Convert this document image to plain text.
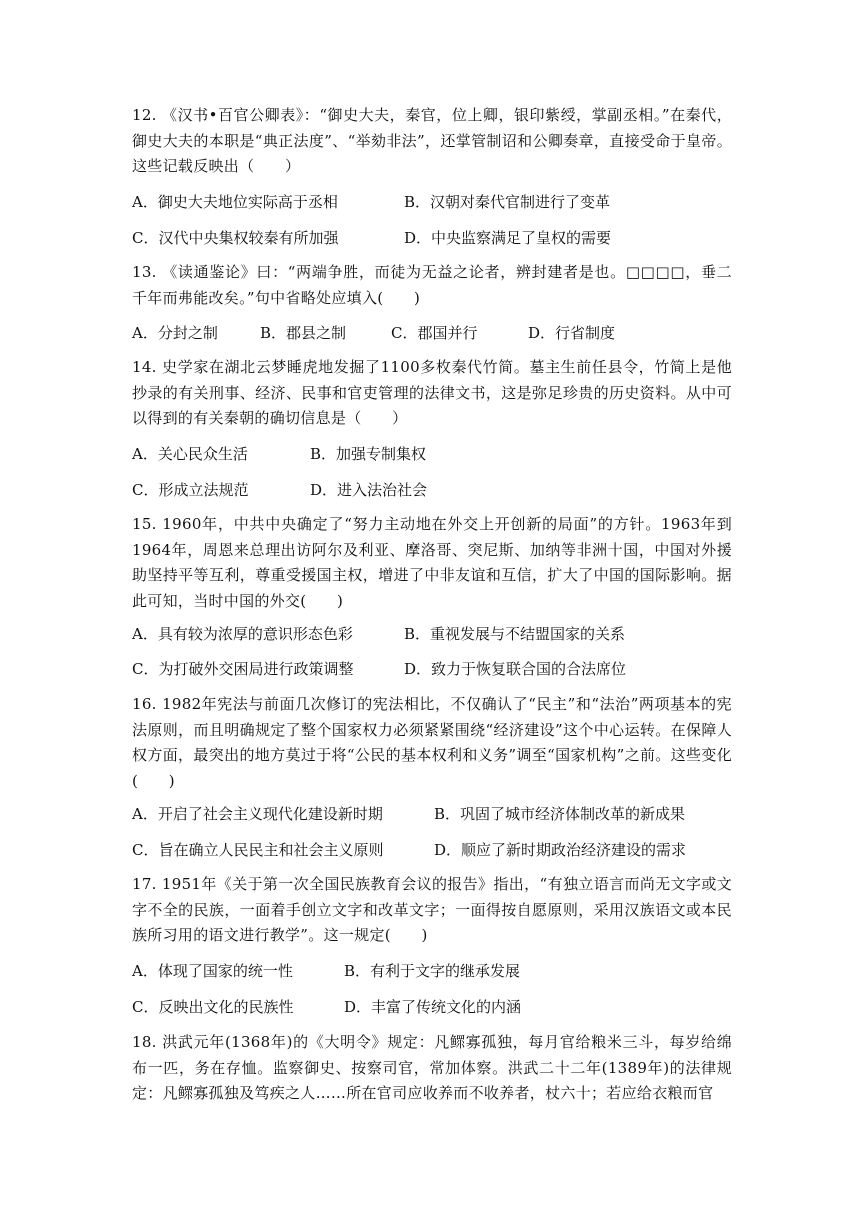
12. 《汉书•百官公卿表》：“御史大夫，秦官，位上卿，银印紫绶，掌副丞相。”在秦代，御史大夫的本职是“典正法度”、“举劾非法”，还掌管制诏和公卿奏章，直接受命于皇帝。这些记载反映出（　　）
A．御史大夫地位实际高于丞相	B．汉朝对秦代官制进行了变革
C．汉代中央集权较秦有所加强	D．中央监察满足了皇权的需要
13. 《读通鉴论》曰：“两端争胜，而徒为无益之论者，辨封建者是也。□□□□，垂二千年而弗能改矣。”句中省略处应填入(　　)
A．分封之制	B．郡县之制	C．郡国并行	D．行省制度
14. 史学家在湖北云梦睡虎地发掘了1100多枚秦代竹简。墓主生前任县令，竹简上是他抄录的有关刑事、经济、民事和官吏管理的法律文书，这是弥足珍贵的历史资料。从中可以得到的有关秦朝的确切信息是（　　）
A．关心民众生活	B．加强专制集权
C．形成立法规范	D．进入法治社会
15. 1960年，中共中央确定了“努力主动地在外交上开创新的局面”的方针。1963年到1964年，周恩来总理出访阿尔及利亚、摩洛哥、突尼斯、加纳等非洲十国，中国对外援助坚持平等互利，尊重受援国主权，增进了中非友谊和互信，扩大了中国的国际影响。据此可知，当时中国的外交(　　)
A．具有较为浓厚的意识形态色彩	B．重视发展与不结盟国家的关系
C．为打破外交困局进行政策调整	D．致力于恢复联合国的合法席位
16. 1982年宪法与前面几次修订的宪法相比，不仅确认了“民主”和“法治”两项基本的宪法原则，而且明确规定了整个国家权力必须紧紧围绕“经济建设”这个中心运转。在保障人权方面，最突出的地方莫过于将“公民的基本权利和义务”调至“国家机构”之前。这些变化(　　)
A．开启了社会主义现代化建设新时期	B．巩固了城市经济体制改革的新成果
C．旨在确立人民民主和社会主义原则	D．顺应了新时期政治经济建设的需求
17. 1951年《关于第一次全国民族教育会议的报告》指出，“有独立语言而尚无文字或文字不全的民族，一面着手创立文字和改革文字；一面得按自愿原则，采用汉族语文或本民族所习用的语文进行教学”。这一规定(　　)
A．体现了国家的统一性	B．有利于文字的继承发展
C．反映出文化的民族性	D．丰富了传统文化的内涵
18. 洪武元年(1368年)的《大明令》规定：凡鳏寡孤独，每月官给粮米三斗，每岁给绵布一匹，务在存恤。监察御史、按察司官，常加体察。洪武二十二年(1389年)的法律规定：凡鳏寡孤独及笃疾之人……所在官司应收养而不收养者，杖六十；若应给衣粮而官
